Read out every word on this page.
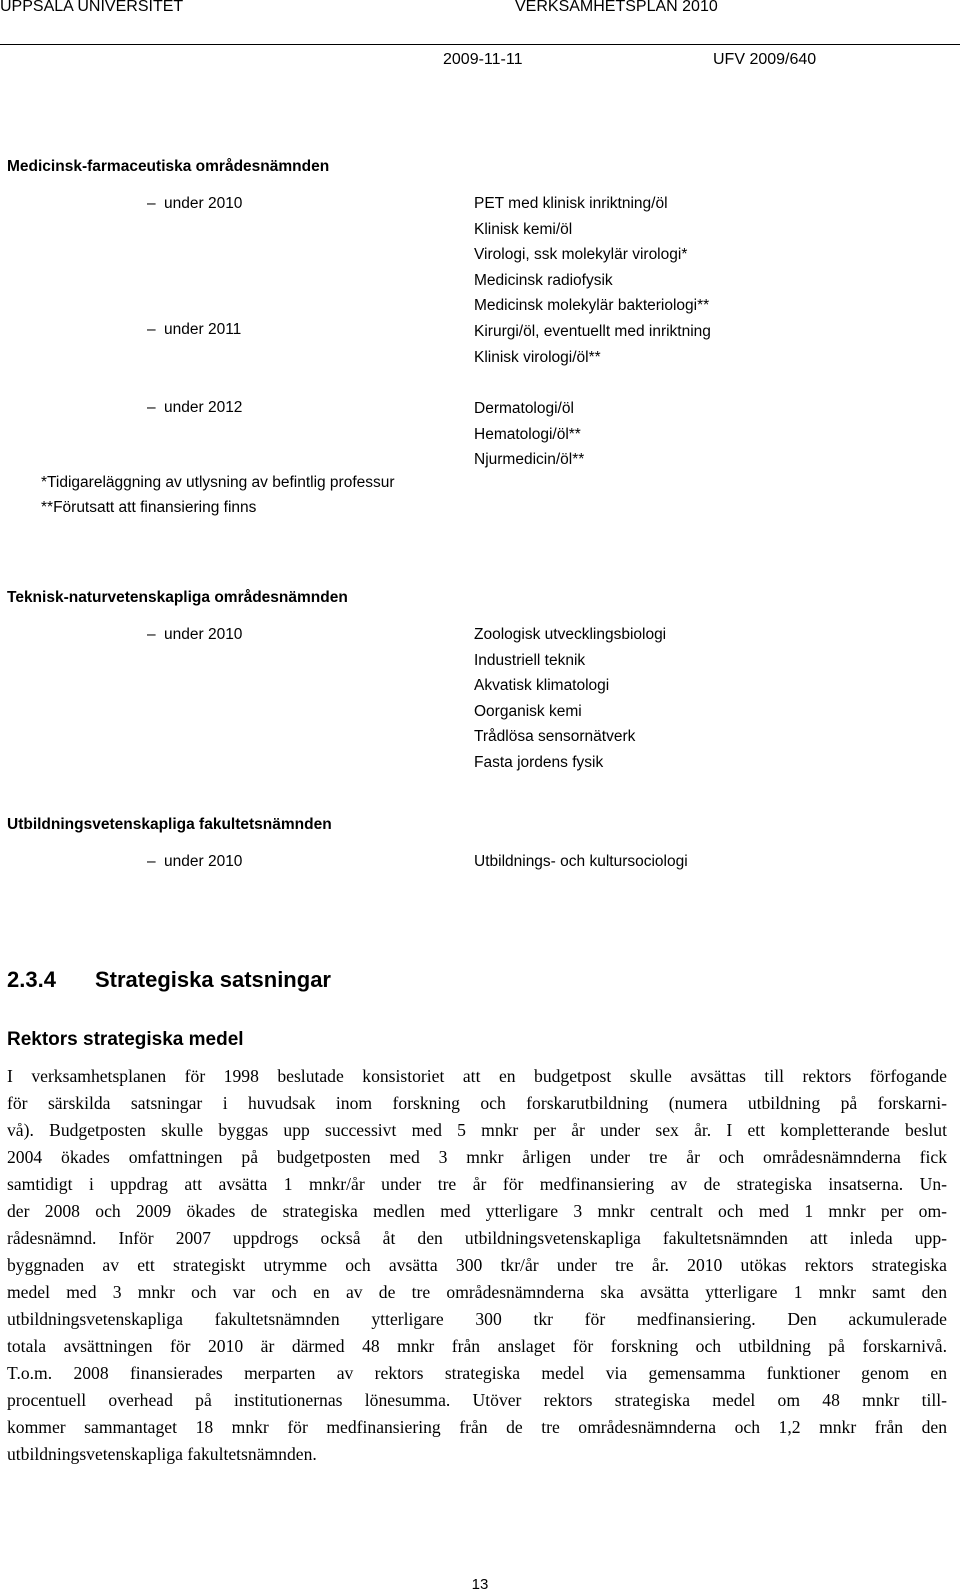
UPPSALA UNIVERSITET	VERKSAMHETSPLAN 2010
2009-11-11	UFV 2009/640
Medicinsk-farmaceutiska områdesnämnden
– under 2010	PET med klinisk inriktning/öl
Klinisk kemi/öl
Virologi, ssk molekylär virologi*
Medicinsk radiofysik
Medicinsk molekylär bakteriologi**
– under 2011	Kirurgi/öl, eventuellt med inriktning
Klinisk virologi/öl**
– under 2012	Dermatologi/öl
Hematologi/öl**
Njurmedicin/öl**
*Tidigareläggning av utlysning av befintlig professur
**Förutsatt att finansiering finns
Teknisk-naturvetenskapliga områdesnämnden
– under 2010	Zoologisk utvecklingsbiologi
Industriell teknik
Akvatisk klimatologi
Oorganisk kemi
Trådlösa sensornätverk
Fasta jordens fysik
Utbildningsvetenskapliga fakultetsnämnden
– under 2010	Utbildnings- och kultursociologi
2.3.4 Strategiska satsningar
Rektors strategiska medel
I verksamhetsplanen för 1998 beslutade konsistoriet att en budgetpost skulle avsättas till rektors förfogande
för särskilda satsningar i huvudsak inom forskning och forskarutbildning (numera utbildning på forskarni-
vå). Budgetposten skulle byggas upp successivt med 5 mnkr per år under sex år. I ett kompletterande beslut
2004 ökades omfattningen på budgetposten med 3 mnkr årligen under tre år och områdesnämnderna fick
samtidigt i uppdrag att avsätta 1 mnkr/år under tre år för medfinansiering av de strategiska insatserna. Un-
der 2008 och 2009 ökades de strategiska medlen med ytterligare 3 mnkr centralt och med 1 mnkr per om-
rådesnämnd. Inför 2007 uppdrogs också åt den utbildningsvetenskapliga fakultetsnämnden att inleda upp-
byggnaden av ett strategiskt utrymme och avsätta 300 tkr/år under tre år. 2010 utökas rektors strategiska
medel med 3 mnkr och var och en av de tre områdesnämnderna ska avsätta ytterligare 1 mnkr samt den
utbildningsvetenskapliga fakultetsnämnden ytterligare 300 tkr för medfinansiering. Den ackumulerade
totala avsättningen för 2010 är därmed 48 mnkr från anslaget för forskning och utbildning på forskarnivå.
T.o.m. 2008 finansierades merparten av rektors strategiska medel via gemensamma funktioner genom en
procentuell overhead på institutionernas lönesumma. Utöver rektors strategiska medel om 48 mnkr till-
kommer sammantaget 18 mnkr för medfinansiering från de tre områdesnämnderna och 1,2 mnkr från den
utbildningsvetenskapliga fakultetsnämnden.
13
